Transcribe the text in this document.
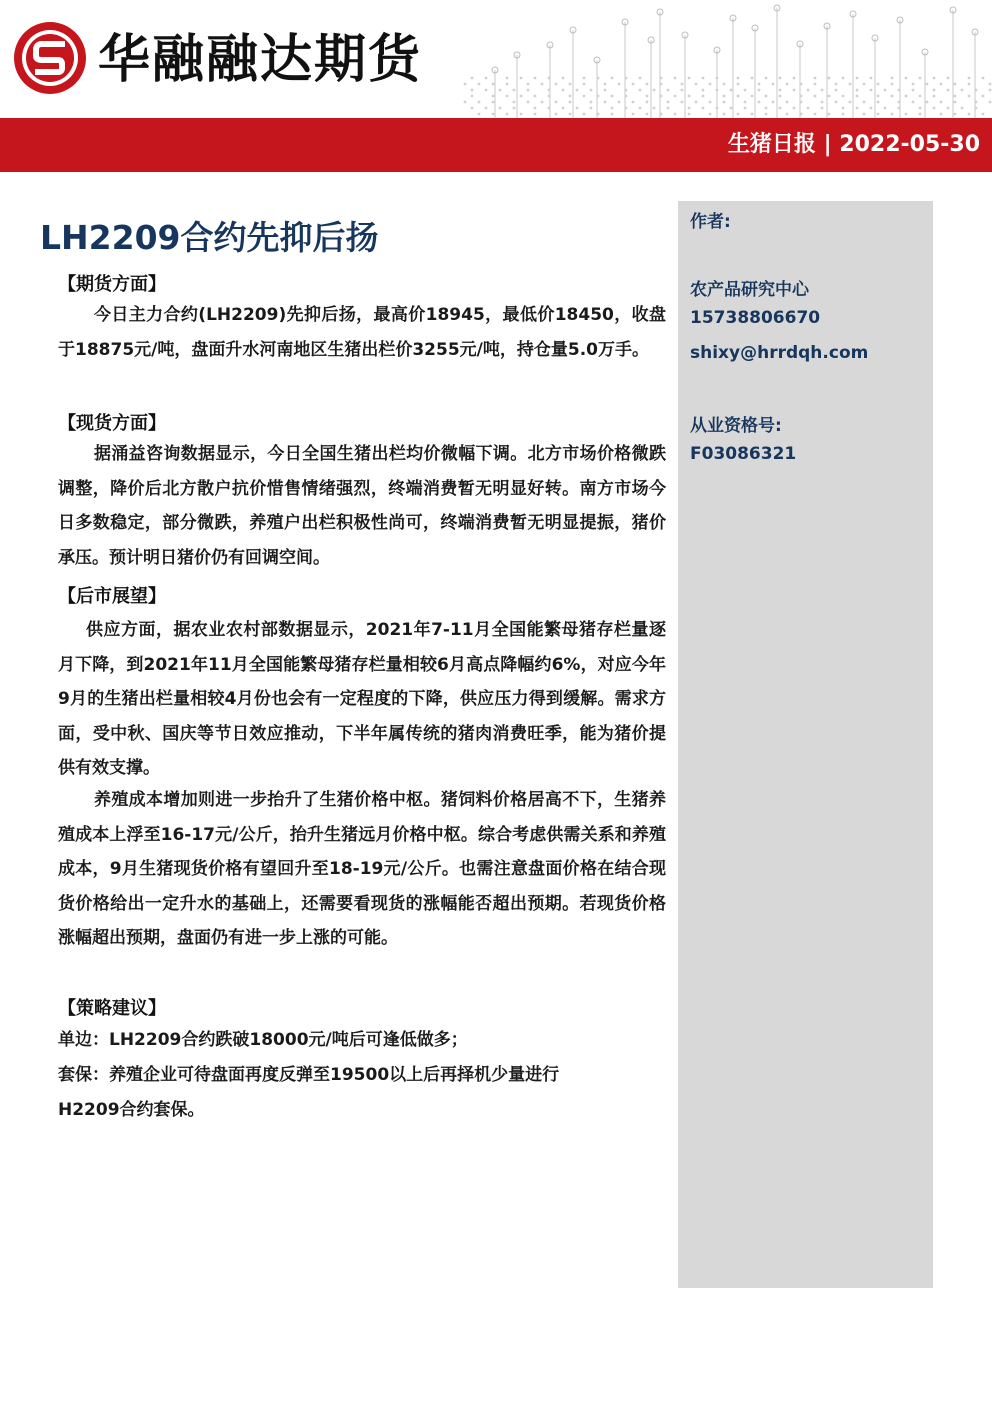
华融融达期货
生猪日报 | 2022-05-30
作者:
农产品研究中心
15738806670
shixy@hrrdqh.com
从业资格号:
F03086321
LH2209合约先抑后扬
【期货方面】
今日主力合约(LH2209)先抑后扬，最高价18945，最低价18450，收盘于18875元/吨，盘面升水河南地区生猪出栏价3255元/吨，持仓量5.0万手。
【现货方面】
据涌益咨询数据显示，今日全国生猪出栏均价微幅下调。北方市场价格微跌调整，降价后北方散户抗价惜售情绪强烈，终端消费暂无明显好转。南方市场今日多数稳定，部分微跌，养殖户出栏积极性尚可，终端消费暂无明显提振，猪价承压。预计明日猪价仍有回调空间。
【后市展望】
供应方面，据农业农村部数据显示，2021年7-11月全国能繁母猪存栏量逐月下降，到2021年11月全国能繁母猪存栏量相较6月高点降幅约6%，对应今年9月的生猪出栏量相较4月份也会有一定程度的下降，供应压力得到缓解。需求方面，受中秋、国庆等节日效应推动，下半年属传统的猪肉消费旺季，能为猪价提供有效支撑。
养殖成本增加则进一步抬升了生猪价格中枢。猪饲料价格居高不下，生猪养殖成本上浮至16-17元/公斤，抬升生猪远月价格中枢。综合考虑供需关系和养殖成本，9月生猪现货价格有望回升至18-19元/公斤。也需注意盘面价格在结合现货价格给出一定升水的基础上，还需要看现货的涨幅能否超出预期。若现货价格涨幅超出预期，盘面仍有进一步上涨的可能。
【策略建议】
单边：LH2209合约跌破18000元/吨后可逢低做多；
套保：养殖企业可待盘面再度反弹至19500以上后再择机少量进行
H2209合约套保。
